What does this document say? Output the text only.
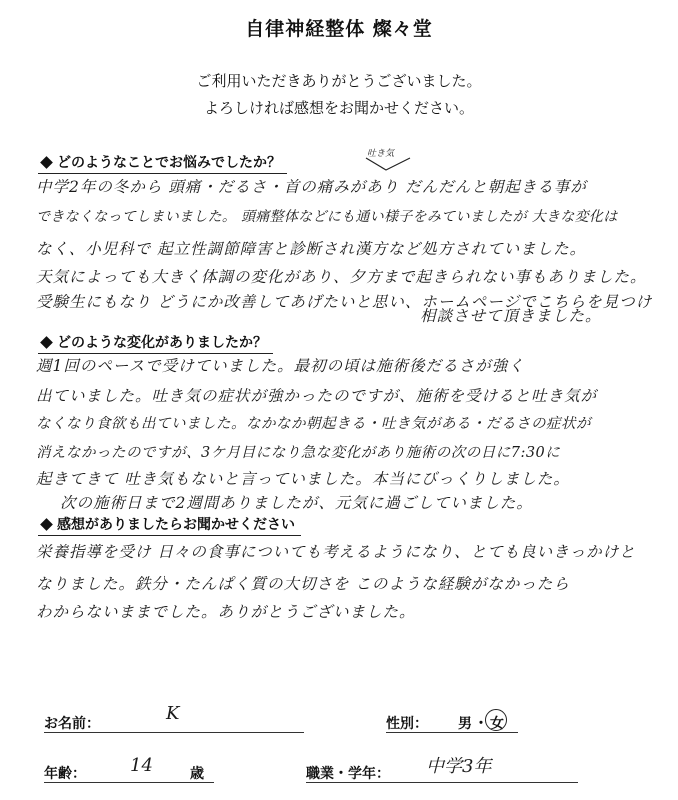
自律神経整体 燦々堂
ご利用いただきありがとうございました。
よろしければ感想をお聞かせください。
どのようなことでお悩みでしたか？
吐き気
中学2年の冬から 頭痛・だるさ・首の痛みがあり だんだんと朝起きる事が
できなくなってしまいました。 頭痛整体などにも通い様子をみていましたが 大きな変化は
なく、小児科で 起立性調節障害と診断され漢方など処方されていました。
天気によっても大きく体調の変化があり、夕方まで起きられない事もありました。
受験生にもなり どうにか改善してあげたいと思い、ホームページでこちらを見つけ
相談させて頂きました。
どのような変化がありましたか？
週1回のペースで受けていました。最初の頃は施術後だるさが強く
出ていました。吐き気の症状が強かったのですが、施術を受けると吐き気が
なくなり食欲も出ていました。なかなか朝起きる・吐き気がある・だるさの症状が
消えなかったのですが、3ケ月目になり急な変化があり施術の次の日に7:30に
起きてきて 吐き気もないと言っていました。本当にびっくりしました。
次の施術日まで2週間ありましたが、元気に過ごしていました。
感想がありましたらお聞かせください
栄養指導を受け 日々の食事についても考えるようになり、とても良いきっかけと
なりました。鉄分・たんぱく質の大切さを このような経験がなかったら
わからないままでした。ありがとうございました。
お名前：	K	性別： 男 ・ 女
年齢： 14	歳	職業・学年： 中学3年
